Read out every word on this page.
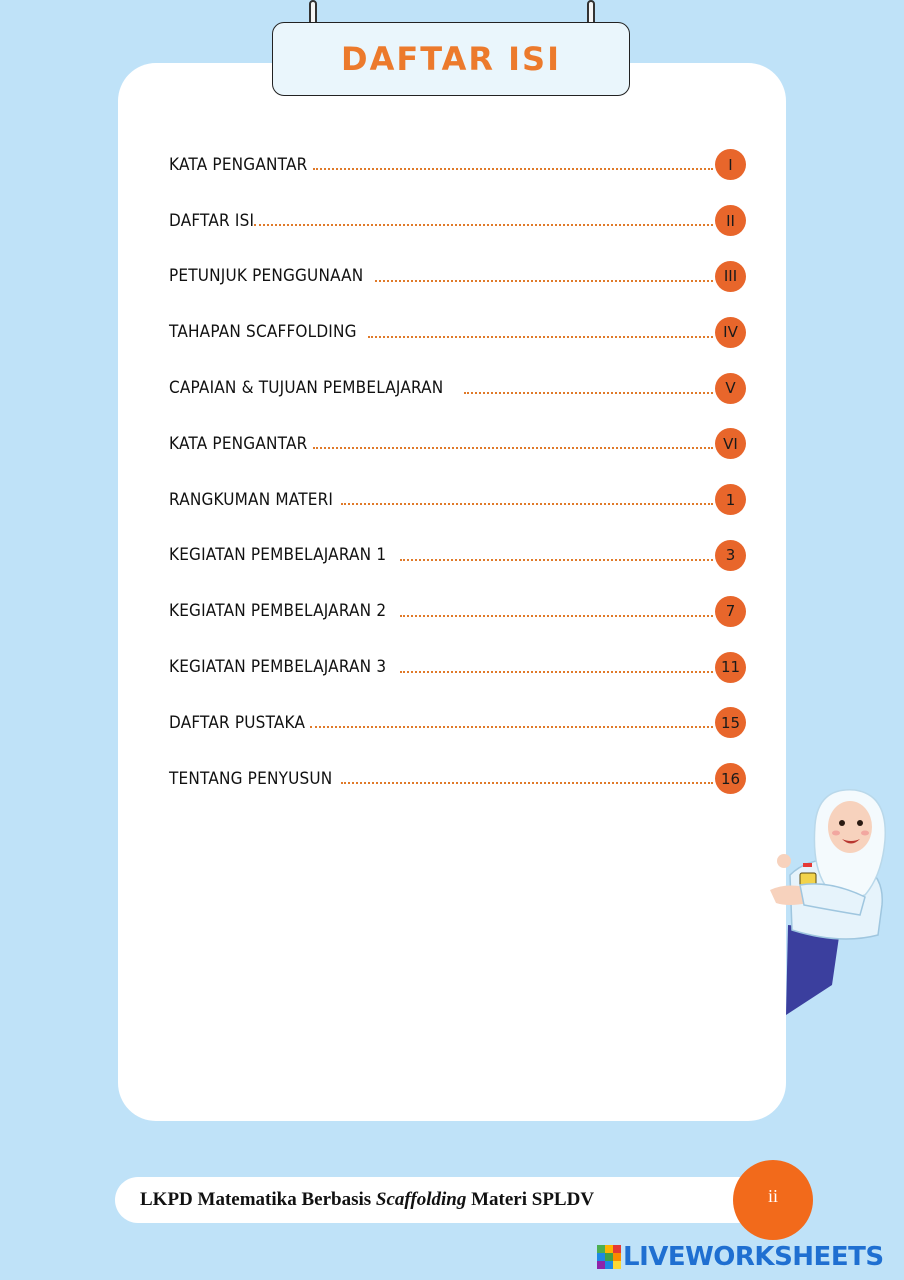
DAFTAR ISI
KATA PENGANTAR	I
DAFTAR ISI	II
PETUNJUK PENGGUNAAN	III
TAHAPAN SCAFFOLDING	IV
CAPAIAN & TUJUAN PEMBELAJARAN	V
KATA PENGANTAR	VI
RANGKUMAN MATERI	1
KEGIATAN PEMBELAJARAN 1	3
KEGIATAN PEMBELAJARAN 2	7
KEGIATAN PEMBELAJARAN 3	11
DAFTAR PUSTAKA	15
TENTANG PENYUSUN	16
LKPD Matematika Berbasis Scaffolding Materi SPLDV	ii
LIVEWORKSHEETS
